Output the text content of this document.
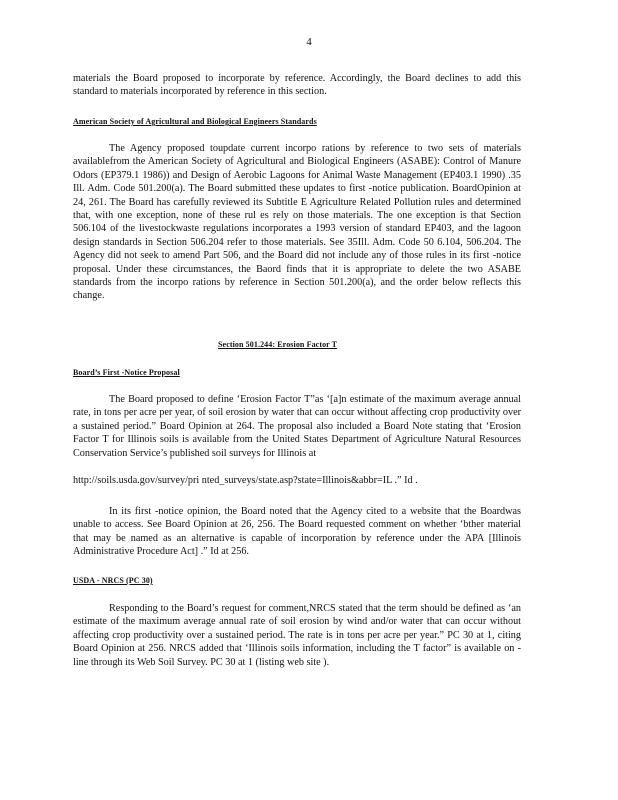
4
materials the Board proposed to incorporate by reference. Accordingly, the Board declines to add this standard to materials incorporated by reference in this section.
American Society of Agricultural and Biological Engineers Standards
The Agency proposed toupdate current incorpo rations by reference to two sets of materials availablefrom the American Society of Agricultural and Biological Engineers (ASABE): Control of Manure Odors (EP379.1 1986)) and Design of Aerobic Lagoons for Animal Waste Management (EP403.1 1990) .35 Ill. Adm. Code 501.200(a). The Board submitted these updates to first -notice publication. BoardOpinion at 24, 261. The Board has carefully reviewed its Subtitle E Agriculture Related Pollution rules and determined that, with one exception, none of these rul es rely on those materials. The one exception is that Section 506.104 of the livestockwaste regulations incorporates a 1993 version of standard EP403, and the lagoon design standards in Section 506.204 refer to those materials. See 35Ill. Adm. Code 50 6.104, 506.204. The Agency did not seek to amend Part 506, and the Board did not include any of those rules in its first -notice proposal. Under these circumstances, the Baord finds that it is appropriate to delete the two ASABE standards from the incorpo rations by reference in Section 501.200(a), and the order below reflects this change.
Section 501.244: Erosion Factor T
Board’s First -Notice Proposal
The Board proposed to define ‘Erosion Factor T”as ‘[a]n estimate of the maximum average annual rate, in tons per acre per year, of soil erosion by water that can occur without affecting crop productivity over a sustained period.” Board Opinion at 264. The proposal also included a Board Note stating that ‘Erosion Factor T for Illinois soils is available from the United States Department of Agriculture Natural Resources Conservation Service’s published soil surveys for Illinois at
http://soils.usda.gov/survey/pri nted_surveys/state.asp?state=Illinois&abbr=IL .” Id .
In its first -notice opinion, the Board noted that the Agency cited to a website that the Boardwas unable to access. See Board Opinion at 26, 256. The Board requested comment on whether ‘bther material that may be named as an alternative is capable of incorporation by reference under the APA [Illinois Administrative Procedure Act] .” Id at 256.
USDA - NRCS (PC 30)
Responding to the Board’s request for comment,NRCS stated that the term should be defined as ‘an estimate of the maximum average annual rate of soil erosion by wind and/or water that can occur without affecting crop productivity over a sustained period. The rate is in tons per acre per year.” PC 30 at 1, citing Board Opinion at 256. NRCS added that ‘Illinois soils information, including the T factor” is available on -line through its Web Soil Survey. PC 30 at 1 (listing web site ).
